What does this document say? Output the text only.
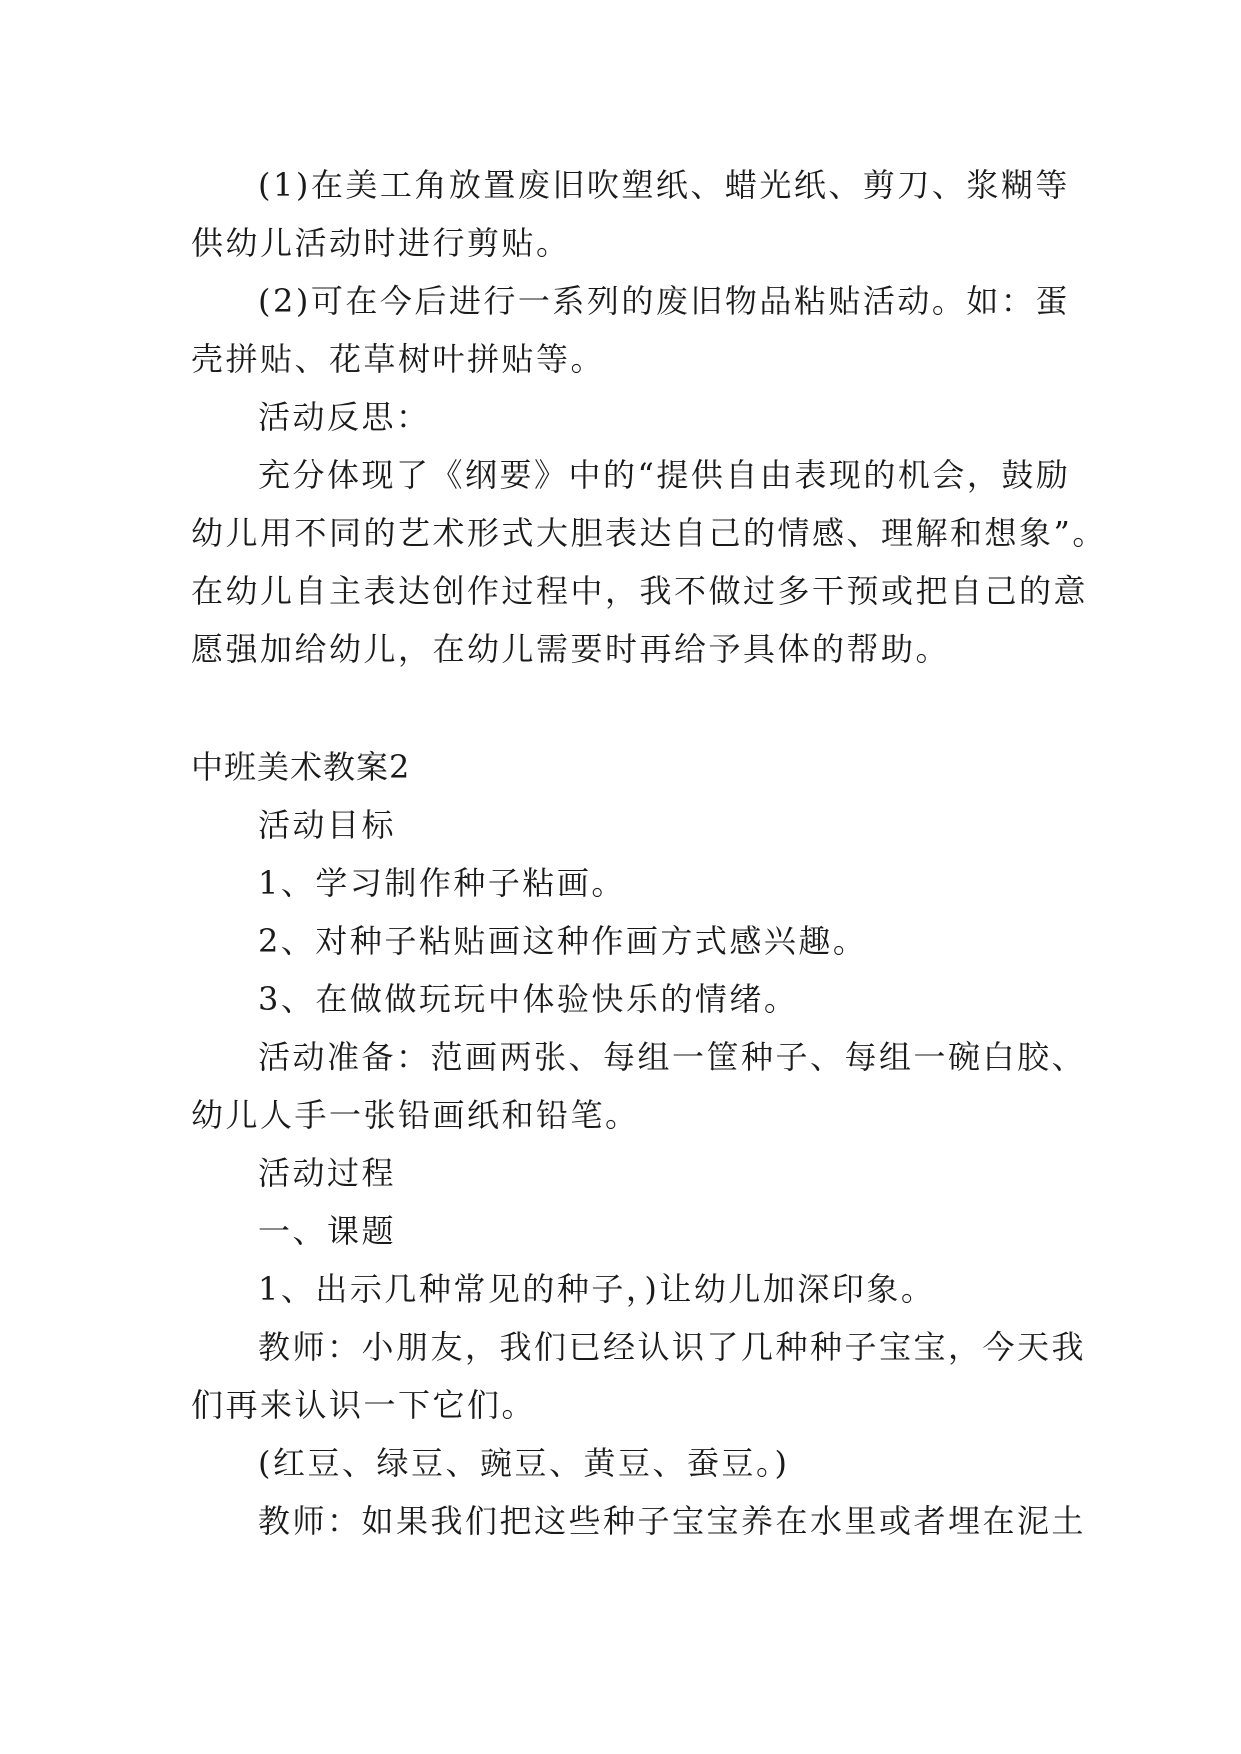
(1)在美工角放置废旧吹塑纸、蜡光纸、剪刀、浆糊等
供幼儿活动时进行剪贴。
(2)可在今后进行一系列的废旧物品粘贴活动。如：蛋
壳拼贴、花草树叶拼贴等。
活动反思：
充分体现了《纲要》中的“提供自由表现的机会，鼓励
幼儿用不同的艺术形式大胆表达自己的情感、理解和想象”。
在幼儿自主表达创作过程中，我不做过多干预或把自己的意
愿强加给幼儿，在幼儿需要时再给予具体的帮助。
中班美术教案2
活动目标
1、学习制作种子粘画。
2、对种子粘贴画这种作画方式感兴趣。
3、在做做玩玩中体验快乐的情绪。
活动准备：范画两张、每组一筐种子、每组一碗白胶、
幼儿人手一张铅画纸和铅笔。
活动过程
一、课题
1、出示几种常见的种子，)让幼儿加深印象。
教师：小朋友，我们已经认识了几种种子宝宝，今天我
们再来认识一下它们。
(红豆、绿豆、豌豆、黄豆、蚕豆。)
教师：如果我们把这些种子宝宝养在水里或者埋在泥土
